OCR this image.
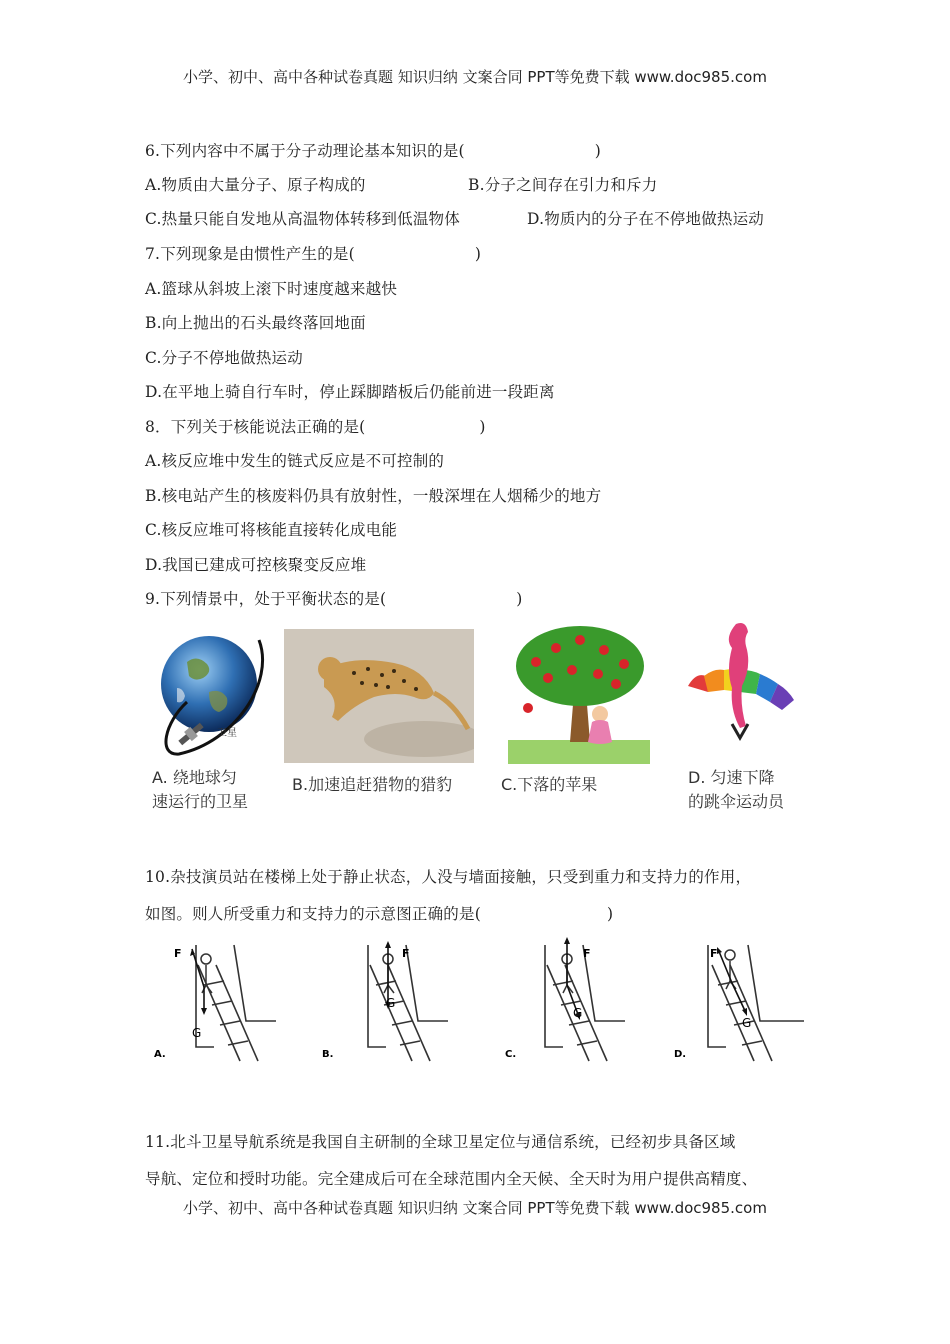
小学、初中、高中各种试卷真题 知识归纳 文案合同 PPT等免费下载 www.doc985.com
6.下列内容中不属于分子动理论基本知识的是(	)
A.物质由大量分子、原子构成的	B.分子之间存在引力和斥力
C.热量只能自发地从高温物体转移到低温物体	D.物质内的分子在不停地做热运动
7.下列现象是由惯性产生的是(	)
A.篮球从斜坡上滚下时速度越来越快
B.向上抛出的石头最终落回地面
C.分子不停地做热运动
D.在平地上骑自行车时，停止踩脚踏板后仍能前进一段距离
8．下列关于核能说法正确的是(	)
A.核反应堆中发生的链式反应是不可控制的
B.核电站产生的核废料仍具有放射性，一般深埋在人烟稀少的地方
C.核反应堆可将核能直接转化成电能
D.我国已建成可控核聚变反应堆
9.下列情景中，处于平衡状态的是(	)
卫星
A. 绕地球匀
速运行的卫星
B.加速追赶猎物的猎豹	C.下落的苹果	D. 匀速下降
的跳伞运动员
10.杂技演员站在楼梯上处于静止状态，人没与墙面接触，只受到重力和支持力的作用，
如图。则人所受重力和支持力的示意图正确的是(	)
F
G
A.
F
G
B.
F
G
C.
F
G
D.
11.北斗卫星导航系统是我国自主研制的全球卫星定位与通信系统，已经初步具备区域
导航、定位和授时功能。完全建成后可在全球范围内全天候、全天时为用户提供高精度、
小学、初中、高中各种试卷真题 知识归纳 文案合同 PPT等免费下载 www.doc985.com
